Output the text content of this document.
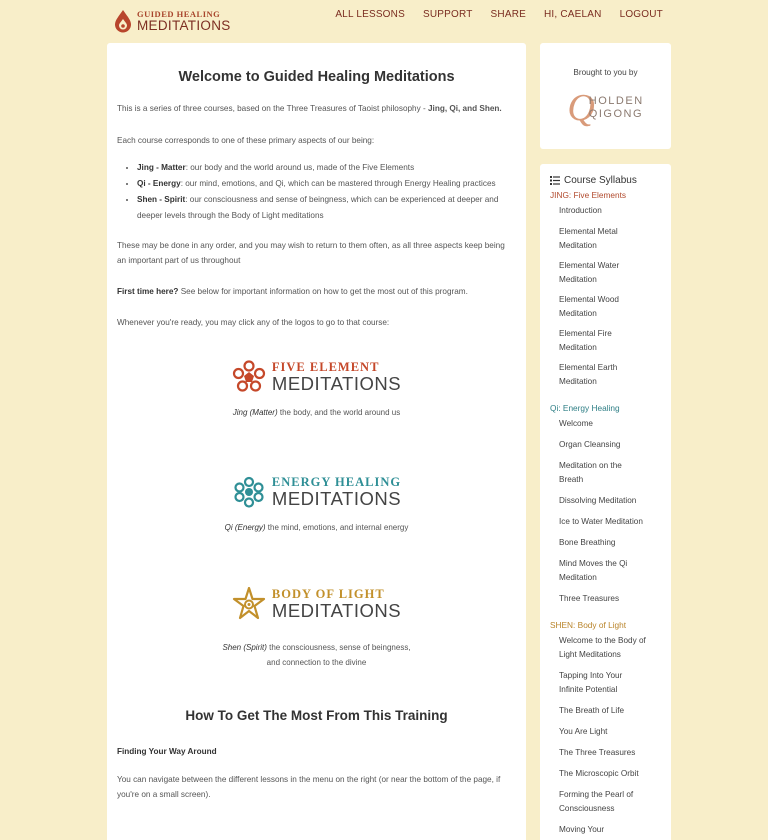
GUIDED HEALING
MEDITATIONS
ALL LESSONS SUPPORT SHARE HI, CAELAN LOGOUT
Welcome to Guided Healing Meditations

This is a series of three courses, based on the Three Treasures of Taoist philosophy - Jing, Qi, and Shen.

Each course corresponds to one of these primary aspects of our being:

• Jing - Matter: our body and the world around us, made of the Five Elements
• Qi - Energy: our mind, emotions, and Qi, which can be mastered through Energy Healing practices
• Shen - Spirit: our consciousness and sense of beingness, which can be experienced at deeper and deeper levels through the Body of Light meditations

These may be done in any order, and you may wish to return to them often, as all three aspects keep being an important part of us throughout

First time here? See below for important information on how to get the most out of this program.

Whenever you're ready, you may click any of the logos to go to that course:

FIVE ELEMENT
MEDITATIONS
Jing (Matter) the body, and the world around us
ENERGY HEALING
MEDITATIONS
Qi (Energy) the mind, emotions, and internal energy
BODY OF LIGHT
MEDITATIONS
Shen (Spirit) the consciousness, sense of beingness,
and connection to the divine
How To Get The Most From This Training
Finding Your Way Around

You can navigate between the different lessons in the menu on the right (or near the bottom of the page, if you're on a small screen).

Brought to you by
Q
HOLDEN
QIGONG
Course Syllabus
JING: Five Elements
Introduction
Elemental Metal Meditation
Elemental Water Meditation
Elemental Wood Meditation
Elemental Fire Meditation
Elemental Earth Meditation
Qi: Energy Healing
Welcome
Organ Cleansing
Meditation on the Breath
Dissolving Meditation
Ice to Water Meditation
Bone Breathing
Mind Moves the Qi Meditation
Three Treasures
SHEN: Body of Light
Welcome to the Body of Light Meditations
Tapping Into Your Infinite Potential
The Breath of Life
You Are Light
The Three Treasures
The Microscopic Orbit
Forming the Pearl of Consciousness
Moving Your
